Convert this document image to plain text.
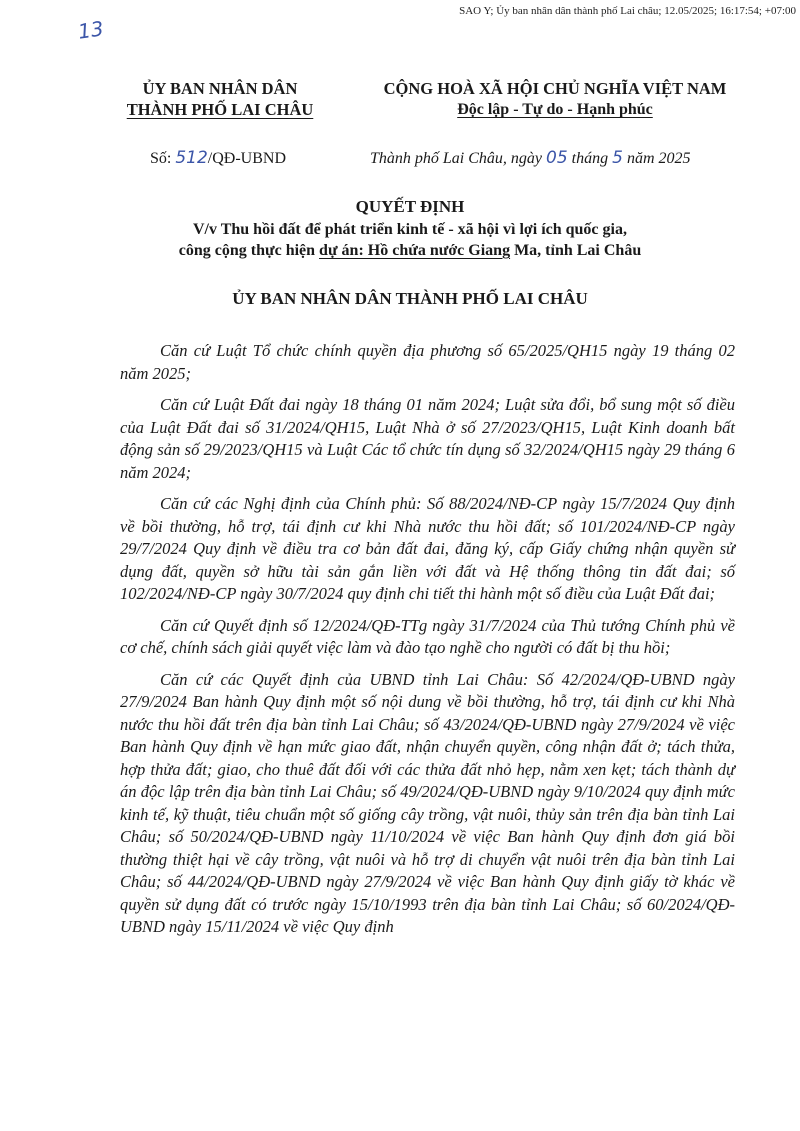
SAO Y; Ủy ban nhân dân thành phố Lai châu; 12.05/2025; 16:17:54; +07:00
13
ỦY BAN NHÂN DÂN
THÀNH PHỐ LAI CHÂU
CỘNG HOÀ XÃ HỘI CHỦ NGHĨA VIỆT NAM
Độc lập - Tự do - Hạnh phúc
Số: 512/QĐ-UBND	Thành phố Lai Châu, ngày 05 tháng 5 năm 2025
QUYẾT ĐỊNH
V/v Thu hồi đất để phát triển kinh tế - xã hội vì lợi ích quốc gia,
công cộng thực hiện dự án: Hồ chứa nước Giang Ma, tỉnh Lai Châu
ỦY BAN NHÂN DÂN THÀNH PHỐ LAI CHÂU

Căn cứ Luật Tổ chức chính quyền địa phương số 65/2025/QH15 ngày 19 tháng 02 năm 2025;

Căn cứ Luật Đất đai ngày 18 tháng 01 năm 2024; Luật sửa đổi, bổ sung một số điều của Luật Đất đai số 31/2024/QH15, Luật Nhà ở số 27/2023/QH15, Luật Kinh doanh bất động sản số 29/2023/QH15 và Luật Các tổ chức tín dụng số 32/2024/QH15 ngày 29 tháng 6 năm 2024;

Căn cứ các Nghị định của Chính phủ: Số 88/2024/NĐ-CP ngày 15/7/2024 Quy định về bồi thường, hỗ trợ, tái định cư khi Nhà nước thu hồi đất; số 101/2024/NĐ-CP ngày 29/7/2024 Quy định về điều tra cơ bản đất đai, đăng ký, cấp Giấy chứng nhận quyền sử dụng đất, quyền sở hữu tài sản gắn liền với đất và Hệ thống thông tin đất đai; số 102/2024/NĐ-CP ngày 30/7/2024 quy định chi tiết thi hành một số điều của Luật Đất đai;

Căn cứ Quyết định số 12/2024/QĐ-TTg ngày 31/7/2024 của Thủ tướng Chính phủ về cơ chế, chính sách giải quyết việc làm và đào tạo nghề cho người có đất bị thu hồi;

Căn cứ các Quyết định của UBND tỉnh Lai Châu: Số 42/2024/QĐ-UBND ngày 27/9/2024 Ban hành Quy định một số nội dung về bồi thường, hỗ trợ, tái định cư khi Nhà nước thu hồi đất trên địa bàn tỉnh Lai Châu; số 43/2024/QĐ-UBND ngày 27/9/2024 về việc Ban hành Quy định về hạn mức giao đất, nhận chuyển quyền, công nhận đất ở; tách thửa, hợp thửa đất; giao, cho thuê đất đối với các thửa đất nhỏ hẹp, nằm xen kẹt; tách thành dự án độc lập trên địa bàn tỉnh Lai Châu; số 49/2024/QĐ-UBND ngày 9/10/2024 quy định mức kinh tế, kỹ thuật, tiêu chuẩn một số giống cây trồng, vật nuôi, thủy sản trên địa bàn tỉnh Lai Châu; số 50/2024/QĐ-UBND ngày 11/10/2024 về việc Ban hành Quy định đơn giá bồi thường thiệt hại về cây trồng, vật nuôi và hỗ trợ di chuyển vật nuôi trên địa bàn tỉnh Lai Châu; số 44/2024/QĐ-UBND ngày 27/9/2024 về việc Ban hành Quy định giấy tờ khác về quyền sử dụng đất có trước ngày 15/10/1993 trên địa bàn tỉnh Lai Châu; số 60/2024/QĐ-UBND ngày 15/11/2024 về việc Quy định
